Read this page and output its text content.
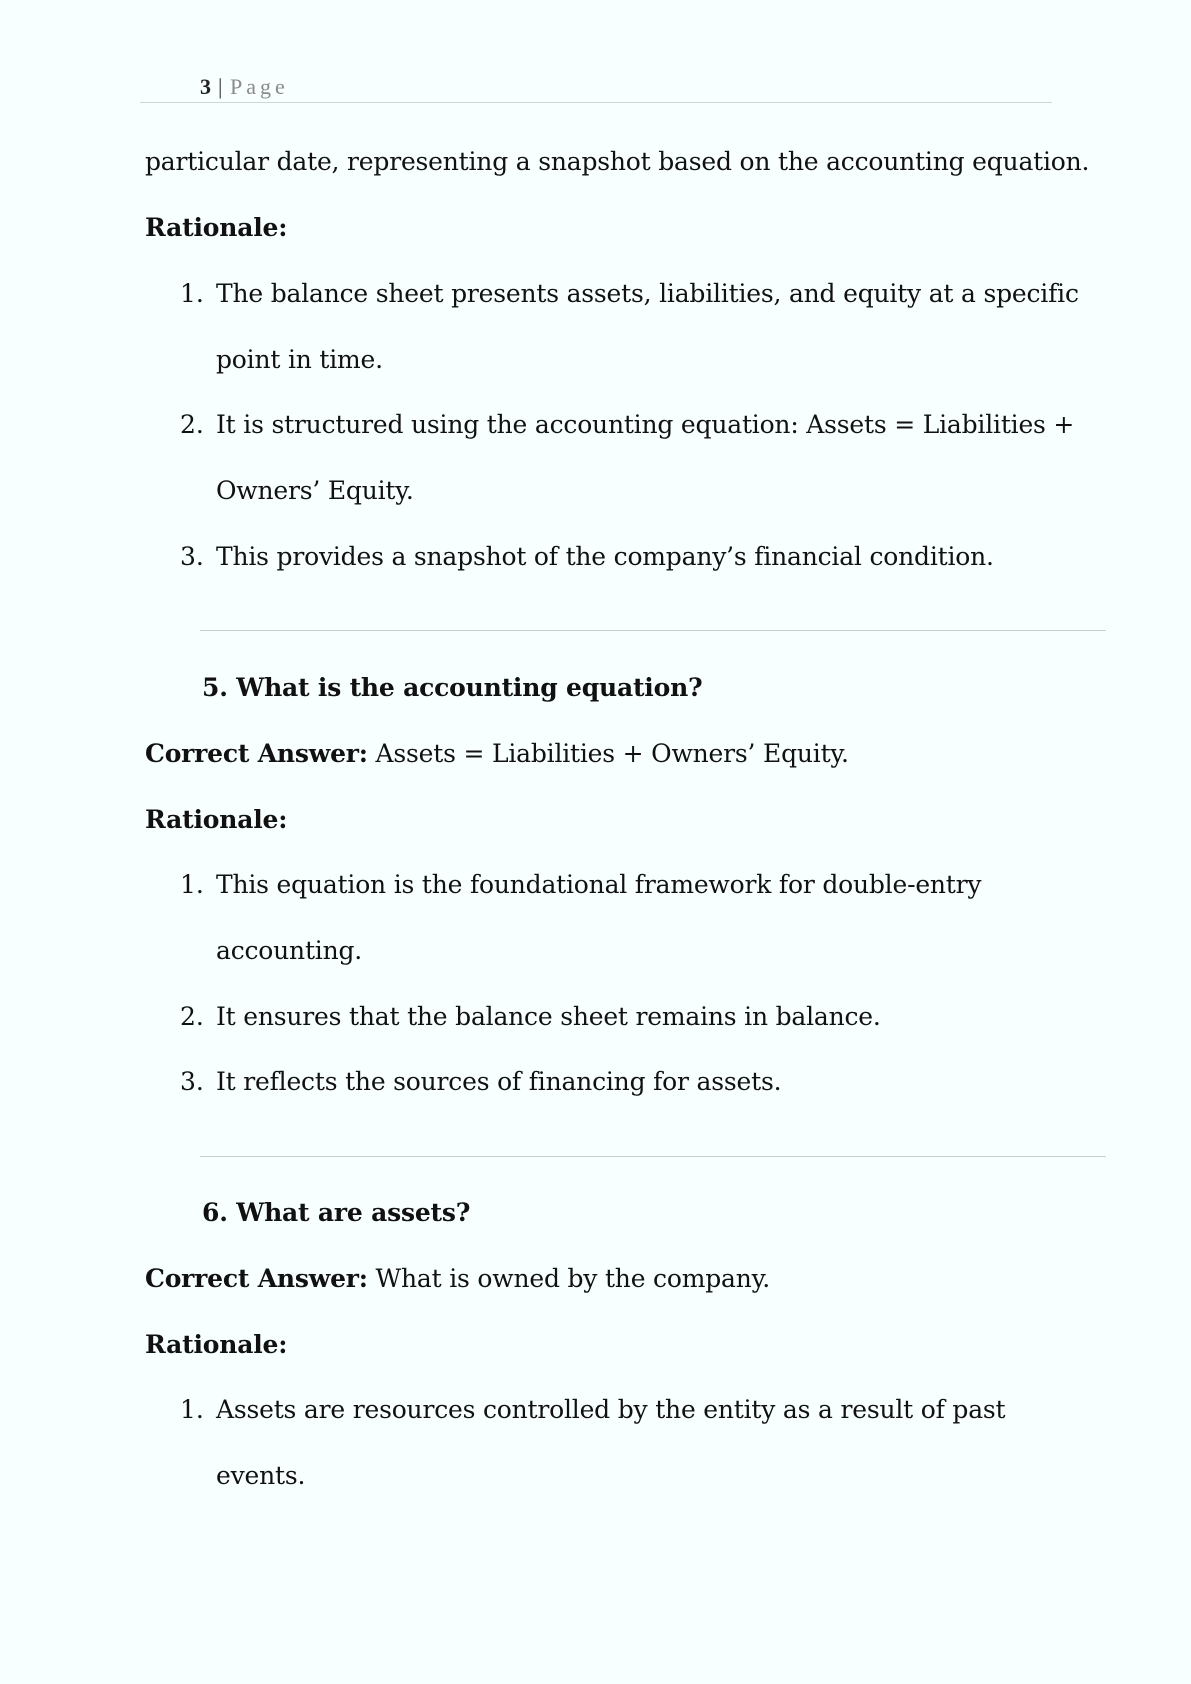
3 | Page
particular date, representing a snapshot based on the accounting equation.
Rationale:
1. The balance sheet presents assets, liabilities, and equity at a specific
point in time.
2. It is structured using the accounting equation: Assets = Liabilities +
Owners’ Equity.
3. This provides a snapshot of the company’s financial condition.
5. What is the accounting equation?
Correct Answer: Assets = Liabilities + Owners’ Equity.
Rationale:
1. This equation is the foundational framework for double-entry
accounting.
2. It ensures that the balance sheet remains in balance.
3. It reflects the sources of financing for assets.
6. What are assets?
Correct Answer: What is owned by the company.
Rationale:
1. Assets are resources controlled by the entity as a result of past
events.
